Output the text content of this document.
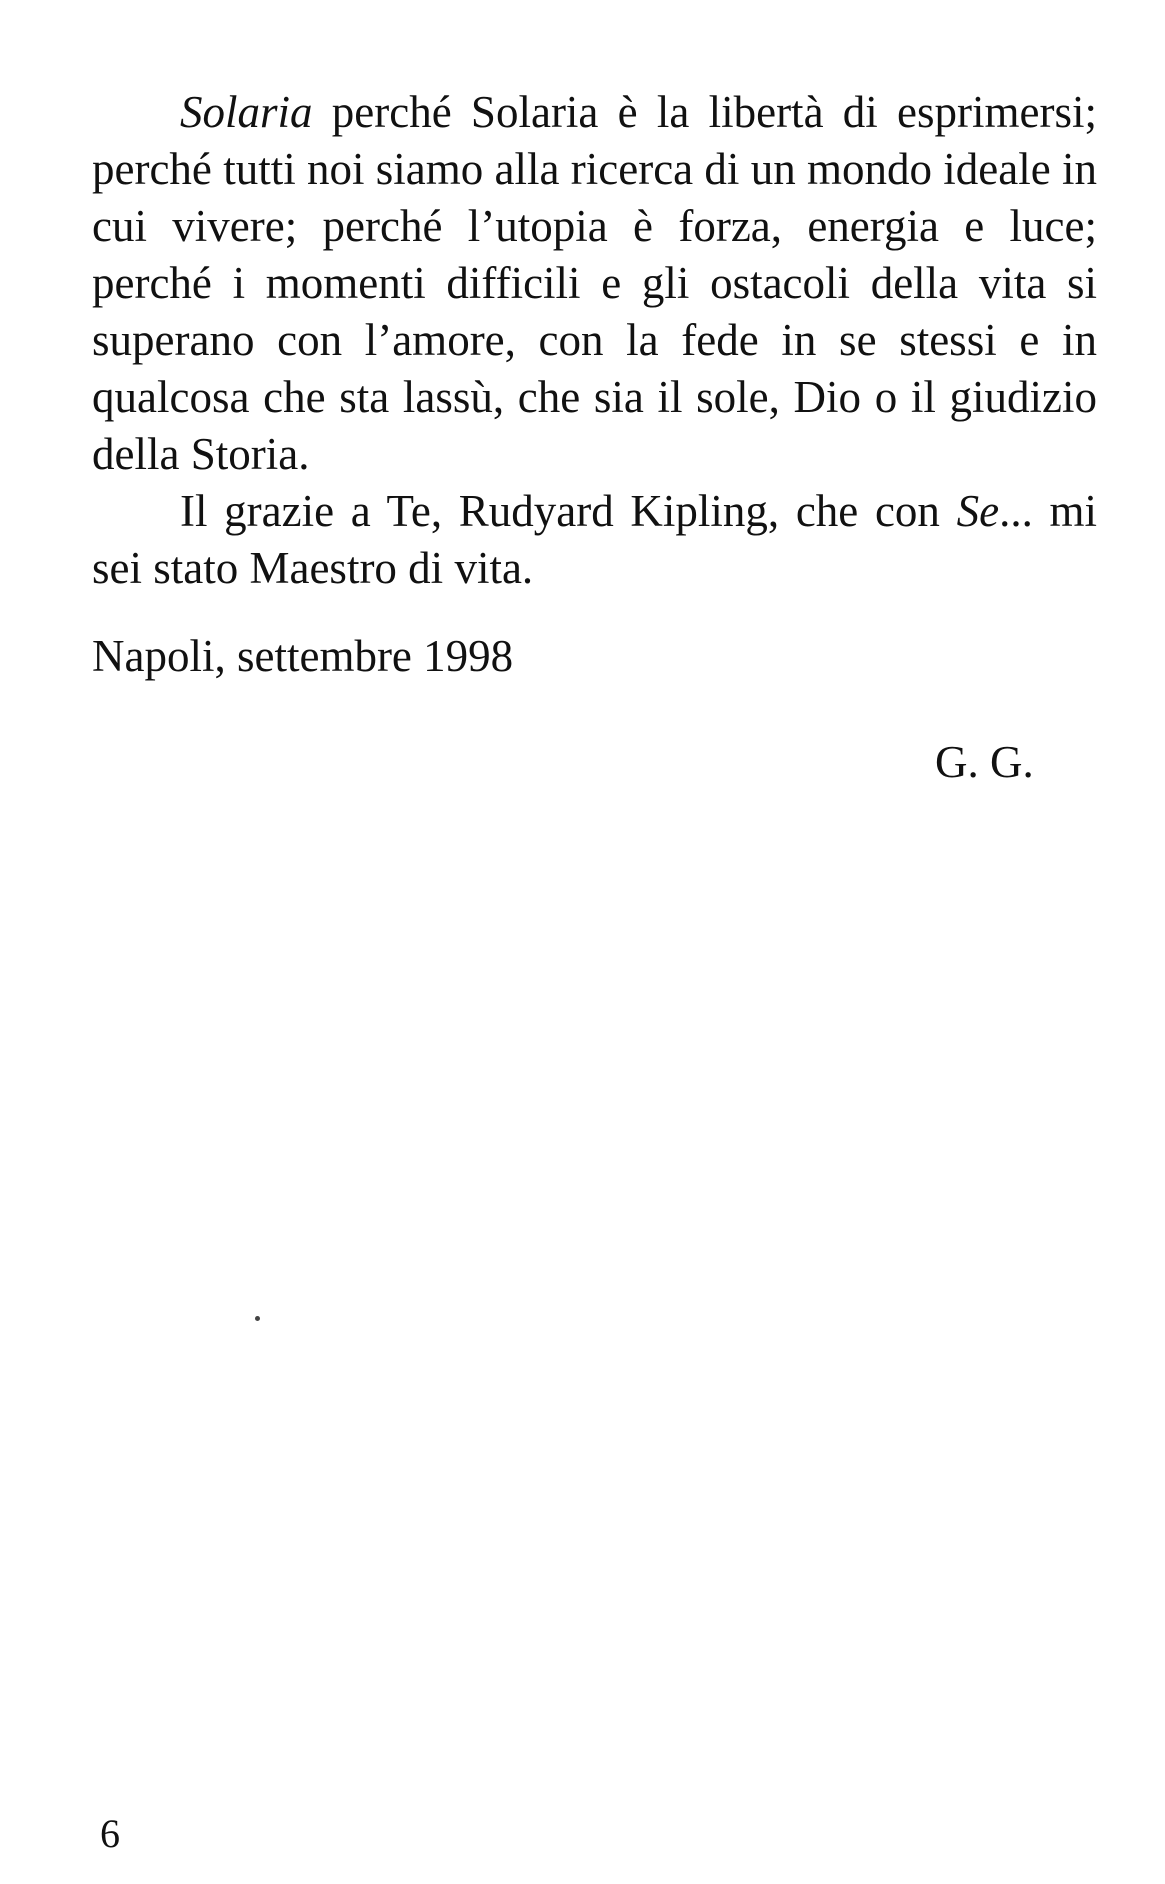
Solaria perché Solaria è la libertà di esprimersi; perché tutti noi siamo alla ricerca di un mondo ideale in cui vivere; perché l’utopia è forza, energia e luce; perché i momenti difficili e gli ostacoli della vita si superano con l’amore, con la fede in se stessi e in qualcosa che sta lassù, che sia il sole, Dio o il giudizio della Storia.

Il grazie a Te, Rudyard Kipling, che con Se... mi sei stato Maestro di vita.

Napoli, settembre 1998
G. G.
6
